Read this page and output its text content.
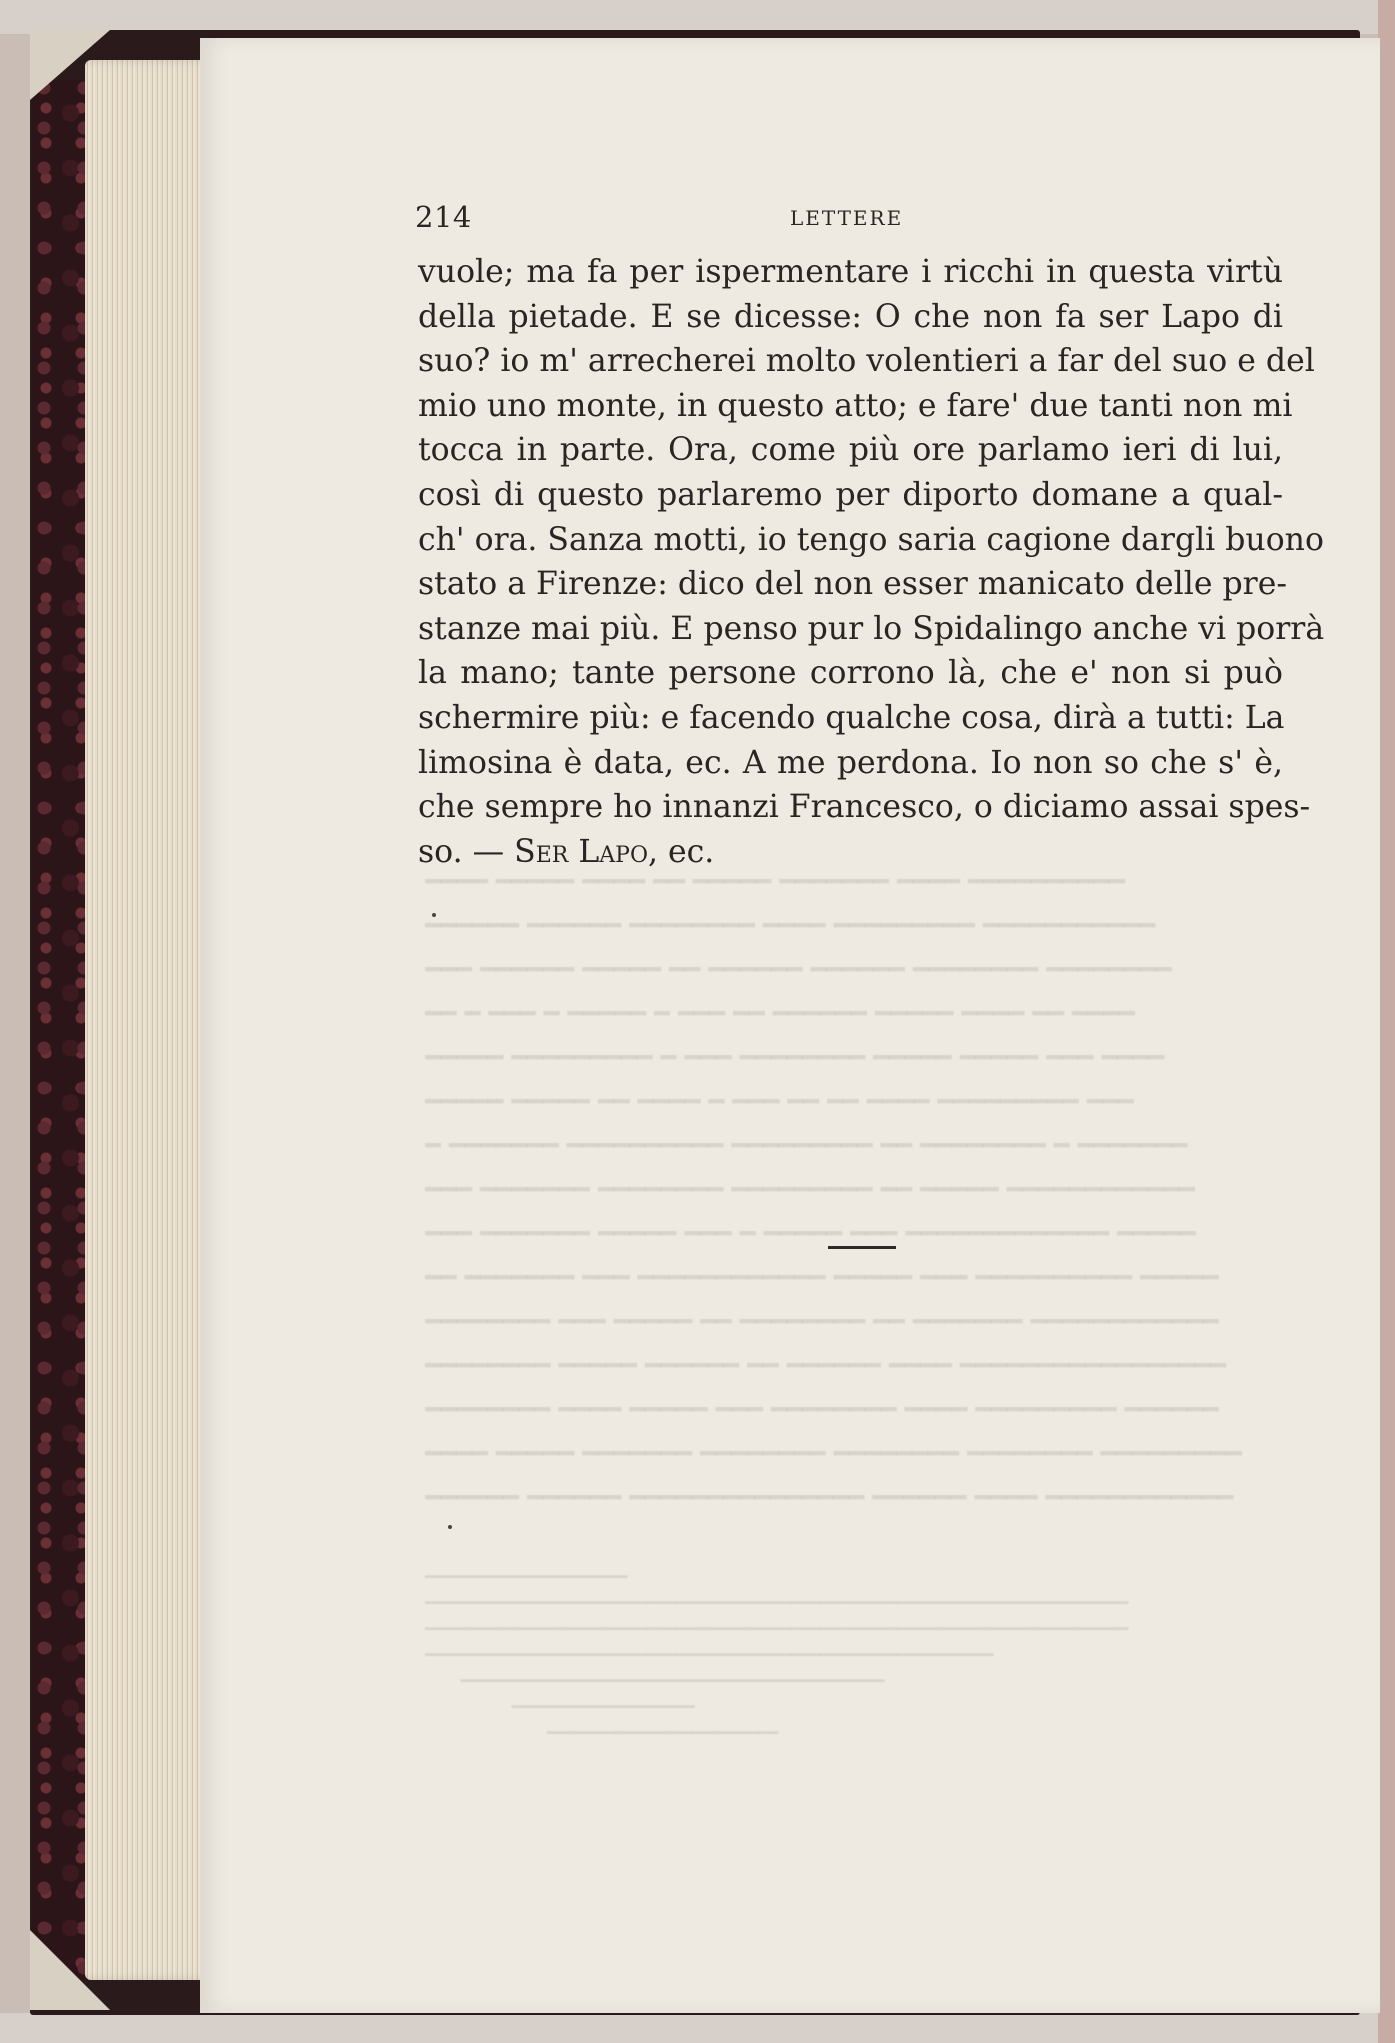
214	LETTERE
vuole; ma fa per ispermentare i ricchi in questa virtù
della pietade. E se dicesse: O che non fa ser Lapo di
suo? io m' arrecherei molto volentieri a far del suo e del
mio uno monte, in questo atto; e fare' due tanti non mi
tocca in parte. Ora, come più ore parlamo ieri di lui,
così di questo parlaremo per diporto domane a qual-
ch' ora. Sanza motti, io tengo saria cagione dargli buono
stato a Firenze: dico del non esser manicato delle pre-
stanze mai più. E penso pur lo Spidalingo anche vi porrà
la mano; tante persone corrono là, che e' non si può
schermire più: e facendo qualche cosa, dirà a tutti: La
limosina è data, ec. A me perdona. Io non so che s' è,
che sempre ho innanzi Francesco, o diciamo assai spes-
so. — Ser Lapo, ec.
━━━━ ━━━━━ ━━━━ ━━ ━━━━━ ━━━━━━━ ━━━━ ━━━━━━━━━━
━━━━━━ ━━━━━━ ━━━━━━━━ ━━━━ ━━━━━━━━━ ━━━━━━━━━━━
━━━ ━━━━━━ ━━━━━ ━━ ━━━━━━ ━━━━━━ ━━━━━━━━ ━━━━━━━━
━━ ━ ━━━ ━ ━━━━━ ━ ━━━ ━━ ━━━━━━ ━━━━━ ━━━━ ━━ ━━━━
━━━━━ ━━━━━━━━━ ━ ━━━ ━━━━━━━━ ━━━━━ ━━━━━ ━━━ ━━━━
━━━━━ ━━━━━ ━━ ━━━━ ━ ━━━ ━━ ━━ ━━━━ ━━━━━━━━━ ━━━
━ ━━━━━━━ ━━━━━━━━━━ ━━━━━━━━━ ━━ ━━━━━━━━ ━ ━━━━━━━
━━━ ━━━━━━━ ━━━━━━━━ ━━━━━━━━━ ━━ ━━━━━ ━━━━━━━━━━━━
━━━ ━━━━━━━ ━━━━━ ━━━ ━ ━━━━━ ━━━ ━━━━━━━━━━━━━ ━━━━━
━━ ━━━━━━━ ━━━ ━━━━━━━━━━━━ ━━━━━ ━━━ ━━━━━━━━━━ ━━━━━
━━━━━━━━ ━━━ ━━━━━ ━━ ━━━━━━━━ ━━ ━━━━━━━ ━━━━━━━━━━━━
━━━━━━━━ ━━━━━ ━━━━━━ ━━ ━━━━━━ ━━━━ ━━━━━━━━━━━━━━━━━
━━━━━━━━ ━━━━ ━━━━━ ━━━ ━━━━━━━━ ━━━━ ━━━━━━━━━ ━━━━━━
━━━━ ━━━━━ ━━━━━━━ ━━━━━━━━ ━━━━━━━━ ━━━━━━━━ ━━━━━━━━━
━━━━━━ ━━━━━━ ━━━━━━━━━━━━━━━ ━━━━━━ ━━━━ ━━━━━━━━━━━━

━━━━━━━━━━━━━━━━━━━━━
━━━━━━━━━━━━━━━━━━━━━━━━━━━━━━━━━━━━━━━━━━━━━━━━━━━━━━━━━━━━━━━━━━━━━━━━━
━━━━━━━━━━━━━━━━━━━━━━━━━━━━━━━━━━━━━━━━━━━━━━━━━━━━━━━━━━━━━━━━━━━━━━━━━
━━━━━━━━━━━━━━━━━━━━━━━━━━━━━━━━━━━━━━━━━━━━━━━━━━━━━━━━━━━
━━━━━━━━━━━━━━━━━━━━━━━━━━━━━━━━━━━━━━━━━━━━
━━━━━━━━━━━━━━━━━━━
━━━━━━━━━━━━━━━━━━━━━━━━
